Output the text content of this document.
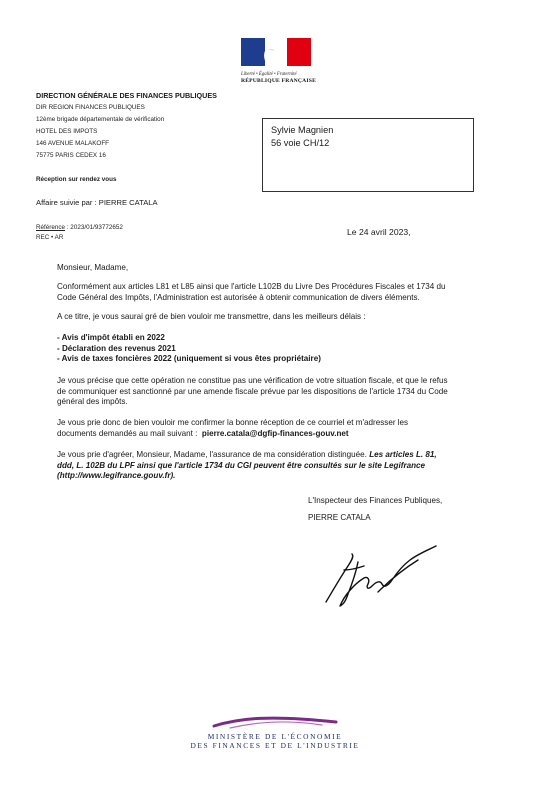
Liberté • Égalité • Fraternité
RÉPUBLIQUE FRANÇAISE
DIRECTION GÉNÉRALE DES FINANCES PUBLIQUES
DIR REGION FINANCES PUBLIQUES
12ème brigade départementale de vérification
HOTEL DES IMPOTS
146 AVENUE MALAKOFF
75775 PARIS CEDEX 16
Réception sur rendez vous
Affaire suivie par : PIERRE CATALA
Référence : 2023/01/93772652
REC • AR
Sylvie Magnien
56 voie CH/12
Le 24 avril 2023,
Monsieur, Madame,
Conformément aux articles L81 et L85 ainsi que l'article L102B du Livre Des Procédures Fiscales et 1734 du
Code Général des Impôts, l'Administration est autorisée à obtenir communication de divers éléments.
A ce titre, je vous saurai gré de bien vouloir me transmettre, dans les meilleurs délais :
- Avis d'impôt établi en 2022
- Déclaration des revenus 2021
- Avis de taxes foncières 2022 (uniquement si vous êtes propriétaire)
Je vous précise que cette opération ne constitue pas une vérification de votre situation fiscale, et que le refus
de communiquer est sanctionné par une amende fiscale prévue par les dispositions de l'article 1734 du Code
général des impôts.
Je vous prie donc de bien vouloir me confirmer la bonne réception de ce courriel et m'adresser les
documents demandés au mail suivant : pierre.catala@dgfip-finances-gouv.net
Je vous prie d'agréer, Monsieur, Madame, l'assurance de ma considération distinguée. Les articles L. 81,
ddd, L. 102B du LPF ainsi que l'article 1734 du CGI peuvent être consultés sur le site Legifrance
(http://www.legifrance.gouv.fr).
L'Inspecteur des Finances Publiques,
PIERRE CATALA
MINISTÈRE DE L'ÉCONOMIE
DES FINANCES ET DE L'INDUSTRIE
